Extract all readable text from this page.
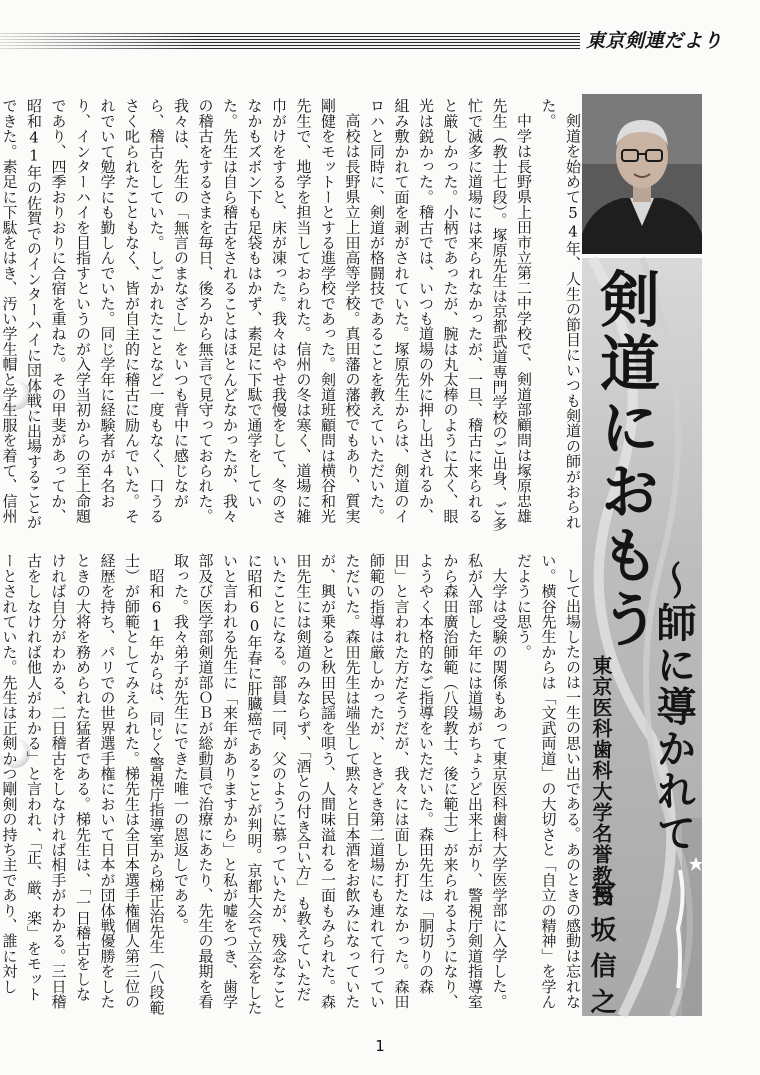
東京剣連だより

剣道を始めて54年、人生の節目にいつも剣道の師がおられた。

中学は長野県上田市立第二中学校で、剣道部顧問は塚原忠雄先生（教士七段）。塚原先生は京都武道専門学校のご出身、ご多忙で滅多に道場には来られなかったが、一旦、稽古に来られると厳しかった。小柄であったが、腕は丸太棒のように太く、眼光は鋭かった。稽古では、いつも道場の外に押し出されるか、組み敷かれて面を剥がされていた。塚原先生からは、剣道のイロハと同時に、剣道が格闘技であることを教えていただいた。

高校は長野県立上田高等学校。真田藩の藩校でもあり、質実剛健をモットーとする進学校であった。剣道班顧問は横谷和光先生で、地学を担当しておられた。信州の冬は寒く、道場に雑巾がけをすると、床が凍った。我々はやせ我慢をして、冬のさなかもズボン下も足袋もはかず、素足に下駄で通学をしていた。先生は自ら稽古をされることはほとんどなかったが、我々の稽古をするさまを毎日、後ろから無言で見守っておられた。我々は、先生の「無言のまなざし」をいつも背中に感じながら、稽古をしていた。しごかれたことなど一度もなく、口うるさく叱られたこともなく、皆が自主的に稽古に励んでいた。それでいて勉学にも勤しんでいた。同じ学年に経験者が４名おり、インターハイを目指すというのが入学当初からの至上命題であり、四季おりおりに合宿を重ねた。その甲斐があってか、昭和41年の佐賀でのインターハイに団体戦に出場することができた。素足に下駄をはき、汚い学生帽と学生服を着て、信州

して出場したのは一生の思い出である。あのときの感動は忘れない。横谷先生からは「文武両道」の大切さと「自立の精神」を学んだように思う。

大学は受験の関係もあって東京医科歯科大学医学部に入学した。私が入部した年には道場がちょうど出来上がり、警視庁剣道指導室から森田廣治師範（八段教士、後に範士）が来られるようになり、ようやく本格的なご指導をいただいた。森田先生は「胴切りの森田」と言われた方だそうだが、我々には面しか打たなかった。森田師範の指導は厳しかったが、ときどき第二道場にも連れて行っていただいた。森田先生は端坐して黙々と日本酒をお飲みになっていたが、興が乗ると秋田民謡を唄う、人間味溢れる一面もみられた。森田先生には剣道のみならず、「酒との付き合い方」も教えていただいたことになる。部員一同、父のように慕っていたが、残念なことに昭和60年春に肝臓癌であることが判明。京都大会で立会をしたいと言われる先生に「来年がありますから」と私が嘘をつき、歯学部及び医学部剣道部ＯＢが総動員で治療にあたり、先生の最期を看取った。我々弟子が先生にできた唯一の恩返しである。

昭和61年からは、同じく警視庁指導室から梯正治先生（八段範士）が師範としてみえられた。梯先生は全日本選手権個人第三位の経歴を持ち、パリでの世界選手権において日本が団体戦優勝をしたときの大将を務められた猛者である。梯先生は、「一日稽古をしなければ自分がわかる、二日稽古をしなければ相手がわかる。三日稽古をしなければ他人がわかる」と言われ、「正、厳、楽」をモットーとされていた。先生は正剣かつ剛剣の持ち主であり、誰に対し

剣道におもう
〜師に導かれて
東京医科歯科大学名誉教授
宮坂信之
1
